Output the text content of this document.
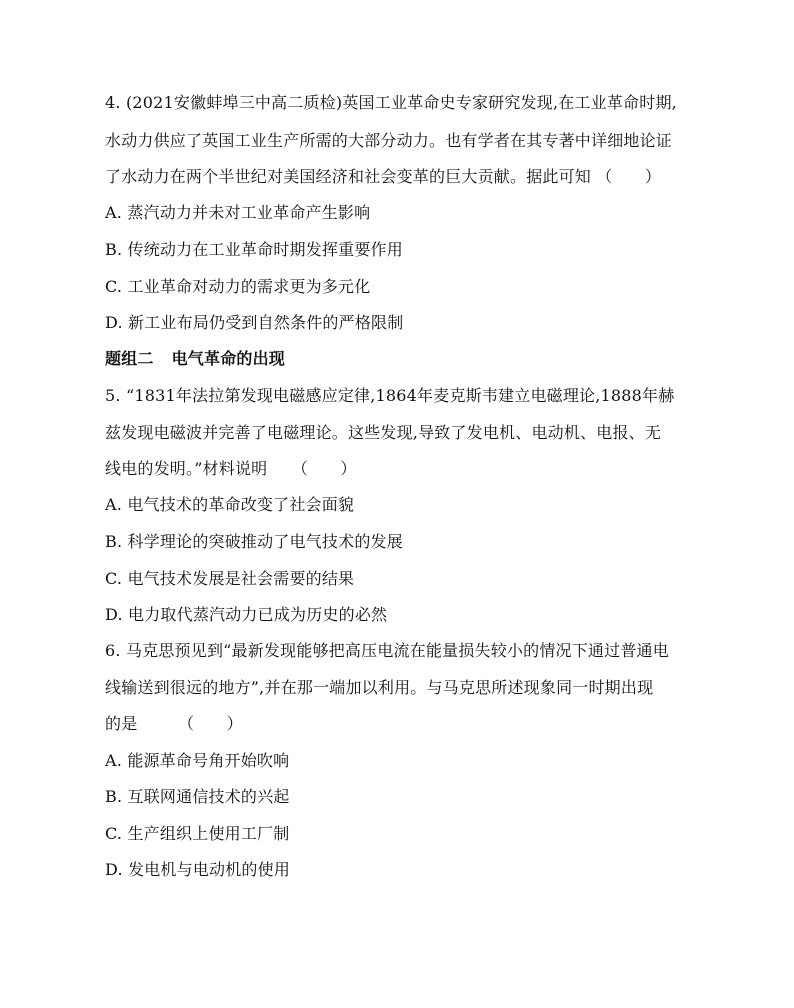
4. (2021安徽蚌埠三中高二质检)英国工业革命史专家研究发现,在工业革命时期,
水动力供应了英国工业生产所需的大部分动力。也有学者在其专著中详细地论证
了水动力在两个半世纪对美国经济和社会变革的巨大贡献。据此可知 （　　）
A. 蒸汽动力并未对工业革命产生影响
B. 传统动力在工业革命时期发挥重要作用
C. 工业革命对动力的需求更为多元化
D. 新工业布局仍受到自然条件的严格限制
题组二 电气革命的出现
5. “1831年法拉第发现电磁感应定律,1864年麦克斯韦建立电磁理论,1888年赫
兹发现电磁波并完善了电磁理论。这些发现,导致了发电机、电动机、电报、无
线电的发明。”材料说明　　（　　）
A. 电气技术的革命改变了社会面貌
B. 科学理论的突破推动了电气技术的发展
C. 电气技术发展是社会需要的结果
D. 电力取代蒸汽动力已成为历史的必然
6. 马克思预见到“最新发现能够把高压电流在能量损失较小的情况下通过普通电
线输送到很远的地方”,并在那一端加以利用。与马克思所述现象同一时期出现
的是　　　（　　）
A. 能源革命号角开始吹响
B. 互联网通信技术的兴起
C. 生产组织上使用工厂制
D. 发电机与电动机的使用
